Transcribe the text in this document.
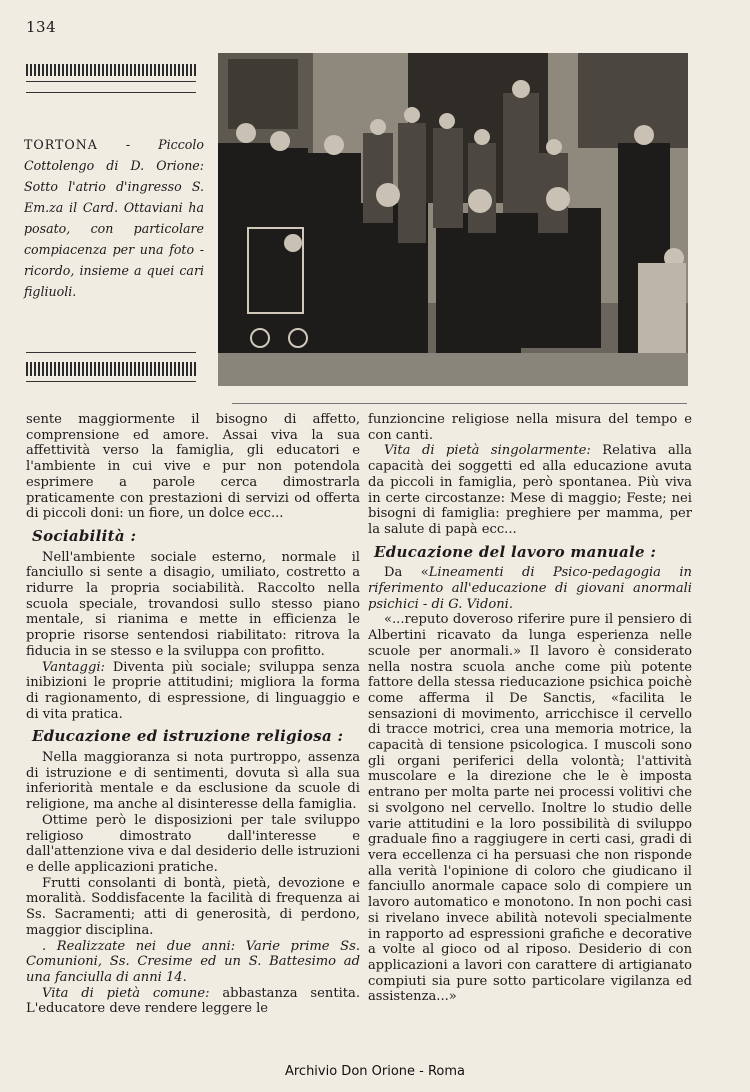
134
TORTONA - Piccolo Cottolengo di D. Orione: Sotto l'atrio d'ingresso S. Em.za il Card. Ottaviani ha posato, con particolare compiacenza per una foto - ricordo, insieme a quei cari figliuoli.

sente maggiormente il bisogno di affetto, comprensione ed amore. Assai viva la sua affettività verso la famiglia, gli educatori e l'ambiente in cui vive e pur non potendola esprimere a parole cerca dimostrarla praticamente con prestazioni di servizi od offerta di piccoli doni: un fiore, un dolce ecc...

Sociabilità :

Nell'ambiente sociale esterno, normale il fanciullo si sente a disagio, umiliato, costretto a ridurre la propria sociabilità. Raccolto nella scuola speciale, trovandosi sullo stesso piano mentale, si rianima e mette in efficienza le proprie risorse sentendosi riabilitato: ritrova la fiducia in se stesso e la sviluppa con profitto.

Vantaggi: Diventa più sociale; sviluppa senza inibizioni le proprie attitudini; migliora la forma di ragionamento, di espressione, di linguaggio e di vita pratica.

Educazione ed istruzione religiosa :

Nella maggioranza si nota purtroppo, assenza di istruzione e di sentimenti, dovuta sì alla sua inferiorità mentale e da esclusione da scuole di religione, ma anche al disinteresse della famiglia.

Ottime però le disposizioni per tale sviluppo religioso dimostrato dall'interesse e dall'attenzione viva e dal desiderio delle istruzioni e delle applicazioni pratiche.

Frutti consolanti di bontà, pietà, devozione e moralità. Soddisfacente la facilità di frequenza ai Ss. Sacramenti; atti di generosità, di perdono, maggior disciplina.

. Realizzate nei due anni: Varie prime Ss. Comunioni, Ss. Cresime ed un S. Battesimo ad una fanciulla di anni 14.

Vita di pietà comune: abbastanza sentita. L'educatore deve rendere leggere le

funzioncine religiose nella misura del tempo e con canti.

Vita di pietà singolarmente: Relativa alla capacità dei soggetti ed alla educazione avuta da piccoli in famiglia, però spontanea. Più viva in certe circostanze: Mese di maggio; Feste; nei bisogni di famiglia: preghiere per mamma, per la salute di papà ecc...

Educazione del lavoro manuale :

Da «Lineamenti di Psico-pedagogia in riferimento all'educazione di giovani anormali psichici - di G. Vidoni.

«...reputo doveroso riferire pure il pensiero di Albertini ricavato da lunga esperienza nelle scuole per anormali.» Il lavoro è considerato nella nostra scuola anche come più potente fattore della stessa rieducazione psichica poichè come afferma il De Sanctis, «facilita le sensazioni di movimento, arricchisce il cervello di tracce motrici, crea una memoria motrice, la capacità di tensione psicologica. I muscoli sono gli organi periferici della volontà; l'attività muscolare e la direzione che le è imposta entrano per molta parte nei processi volitivi che si svolgono nel cervello. Inoltre lo studio delle varie attitudini e la loro possibilità di sviluppo graduale fino a raggiugere in certi casi, gradi di vera eccellenza ci ha persuasi che non risponde alla verità l'opinione di coloro che giudicano il fanciullo anormale capace solo di compiere un lavoro automatico e monotono. In non pochi casi si rivelano invece abilità notevoli specialmente in rapporto ad espressioni grafiche e decorative a volte al gioco od al riposo. Desiderio di con applicazioni a lavori con carattere di artigianato compiuti sia pure sotto particolare vigilanza ed assistenza...»

Archivio Don Orione - Roma
